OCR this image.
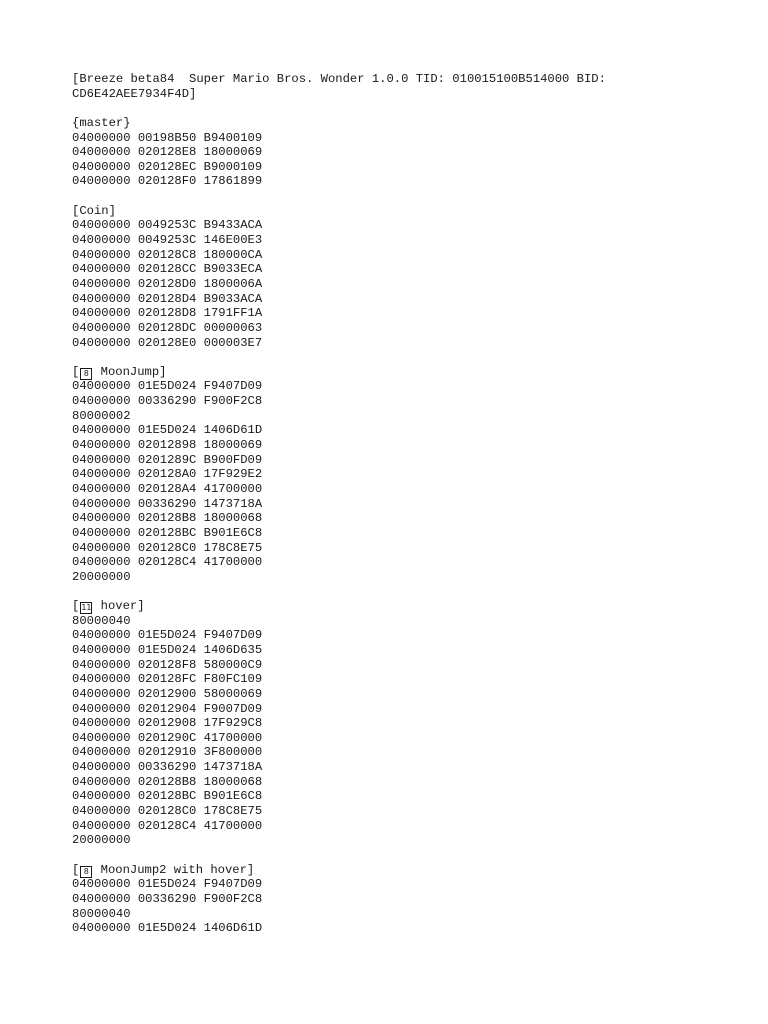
[Breeze beta84  Super Mario Bros. Wonder 1.0.0 TID: 010015100B514000 BID:
CD6E42AEE7934F4D]
{master}
04000000 00198B50 B9400109
04000000 020128E8 18000069
04000000 020128EC B9000109
04000000 020128F0 17861899
[Coin]
04000000 0049253C B9433ACA
04000000 0049253C 146E00E3
04000000 020128C8 180000CA
04000000 020128CC B9033ECA
04000000 020128D0 1800006A
04000000 020128D4 B9033ACA
04000000 020128D8 1791FF1A
04000000 020128DC 00000063
04000000 020128E0 000003E7
[ 8 MoonJump]
04000000 01E5D024 F9407D09
04000000 00336290 F900F2C8
80000002
04000000 01E5D024 1406D61D
04000000 02012898 18000069
04000000 0201289C B900FD09
04000000 020128A0 17F929E2
04000000 020128A4 41700000
04000000 00336290 1473718A
04000000 020128B8 18000068
04000000 020128BC B901E6C8
04000000 020128C0 178C8E75
04000000 020128C4 41700000
20000000
[ 11 hover]
80000040
04000000 01E5D024 F9407D09
04000000 01E5D024 1406D635
04000000 020128F8 580000C9
04000000 020128FC F80FC109
04000000 02012900 58000069
04000000 02012904 F9007D09
04000000 02012908 17F929C8
04000000 0201290C 41700000
04000000 02012910 3F800000
04000000 00336290 1473718A
04000000 020128B8 18000068
04000000 020128BC B901E6C8
04000000 020128C0 178C8E75
04000000 020128C4 41700000
20000000
[ 8 MoonJump2 with hover]
04000000 01E5D024 F9407D09
04000000 00336290 F900F2C8
80000040
04000000 01E5D024 1406D61D
